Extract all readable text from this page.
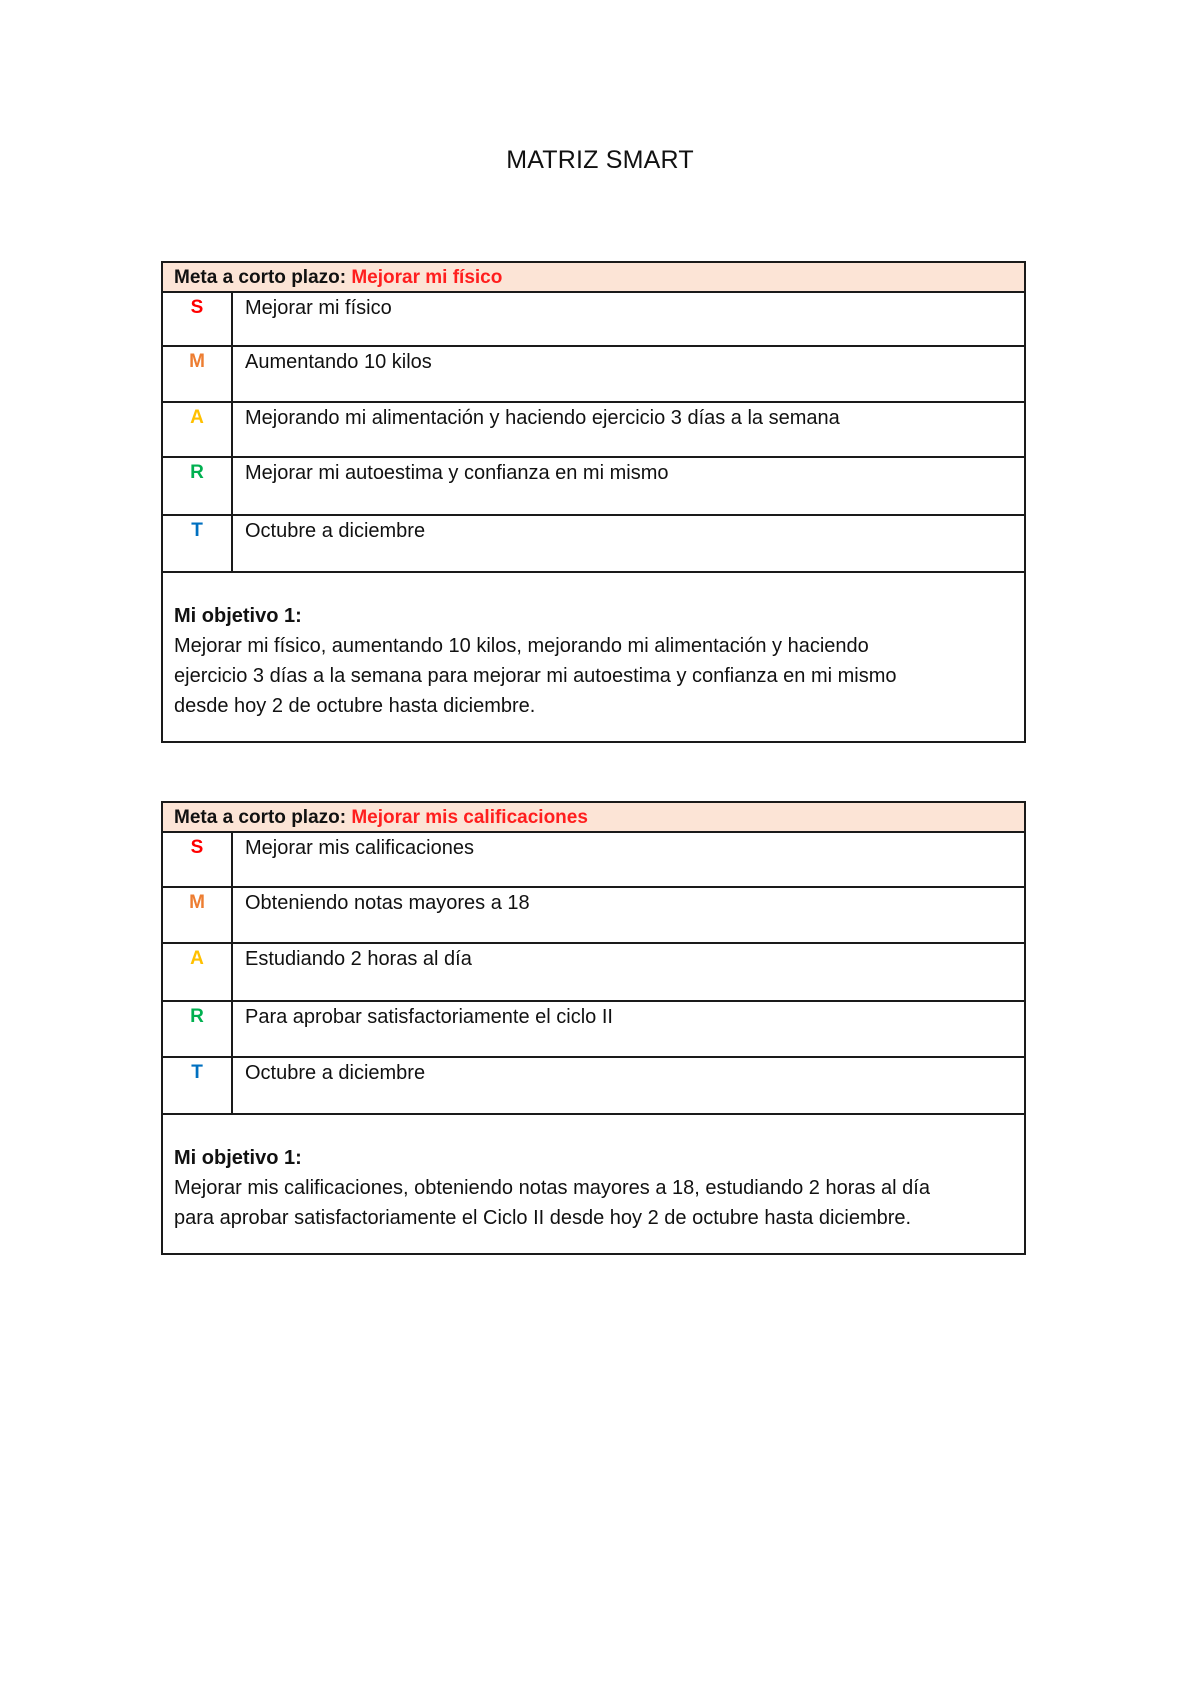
MATRIZ SMART
Meta a corto plazo: Mejorar mi físico
S	Mejorar mi físico
M	Aumentando 10 kilos
A	Mejorando mi alimentación y haciendo ejercicio 3 días a la semana
R	Mejorar mi autoestima y confianza en mi mismo
T	Octubre a diciembre
Mi objetivo 1:

Mejorar mi físico, aumentando 10 kilos, mejorando mi alimentación y haciendo

ejercicio 3 días a la semana para mejorar mi autoestima y confianza en mi mismo

desde hoy 2 de octubre hasta diciembre.

Meta a corto plazo: Mejorar mis calificaciones
S	Mejorar mis calificaciones
M	Obteniendo notas mayores a 18
A	Estudiando 2 horas al día
R	Para aprobar satisfactoriamente el ciclo II
T	Octubre a diciembre
Mi objetivo 1:

Mejorar mis calificaciones, obteniendo notas mayores a 18, estudiando 2 horas al día

para aprobar satisfactoriamente el Ciclo II desde hoy 2 de octubre hasta diciembre.
